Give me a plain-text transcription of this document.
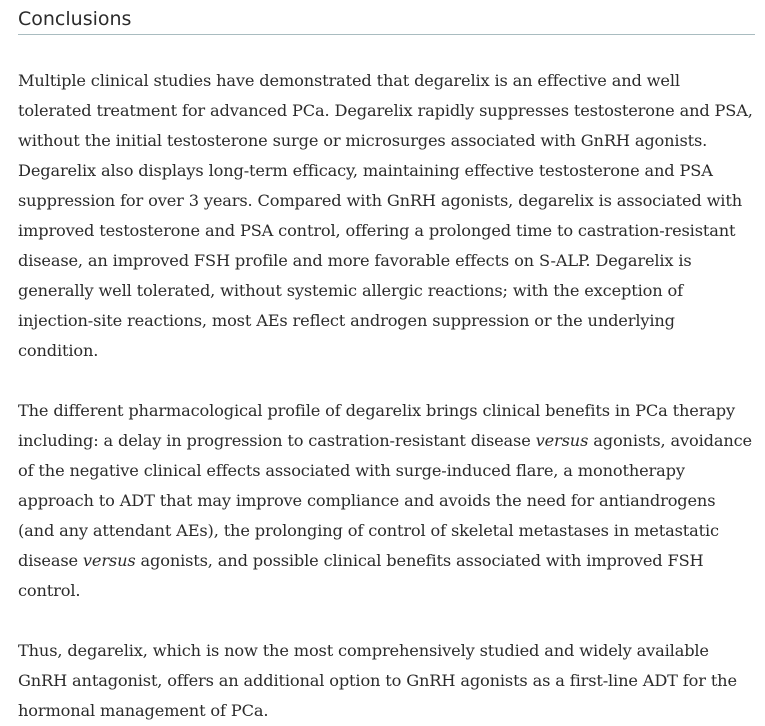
Conclusions

Multiple clinical studies have demonstrated that degarelix is an effective and well tolerated treatment for advanced PCa. Degarelix rapidly suppresses testosterone and PSA, without the initial testosterone surge or microsurges associated with GnRH agonists. Degarelix also displays long-term efficacy, maintaining effective testosterone and PSA suppression for over 3 years. Compared with GnRH agonists, degarelix is associated with improved testosterone and PSA control, offering a prolonged time to castration-resistant disease, an improved FSH profile and more favorable effects on S-ALP. Degarelix is generally well tolerated, without systemic allergic reactions; with the exception of injection-site reactions, most AEs reflect androgen suppression or the underlying condition.

The different pharmacological profile of degarelix brings clinical benefits in PCa therapy including: a delay in progression to castration-resistant disease versus agonists, avoidance of the negative clinical effects associated with surge-induced flare, a monotherapy approach to ADT that may improve compliance and avoids the need for antiandrogens (and any attendant AEs), the prolonging of control of skeletal metastases in metastatic disease versus agonists, and possible clinical benefits associated with improved FSH control.

Thus, degarelix, which is now the most comprehensively studied and widely available GnRH antagonist, offers an additional option to GnRH agonists as a first-line ADT for the hormonal management of PCa.
